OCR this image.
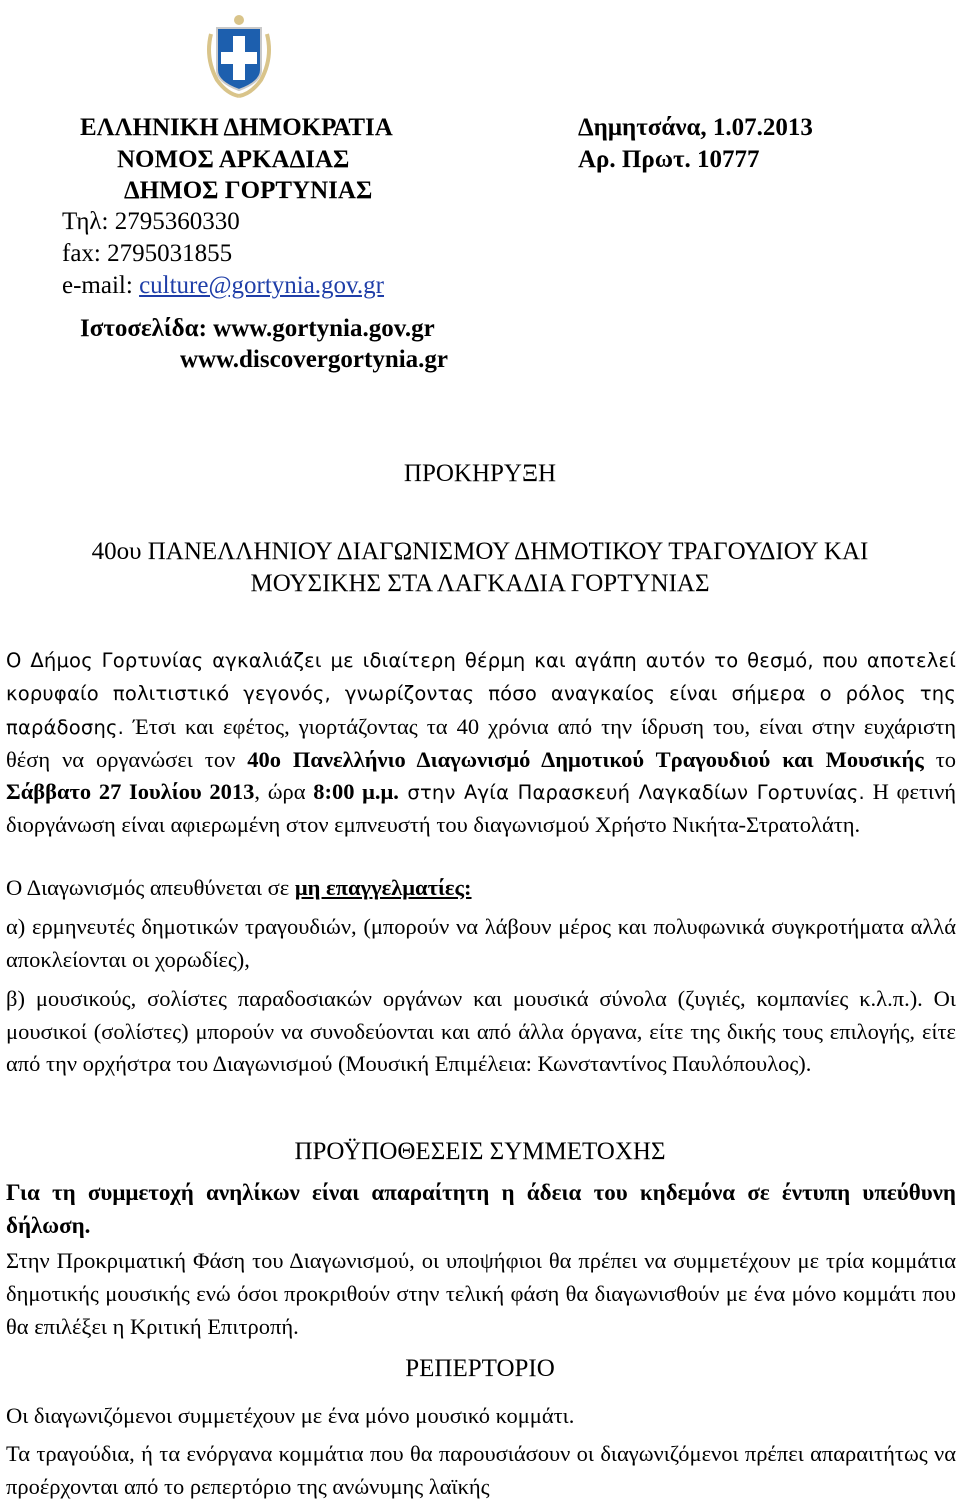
ΕΛΛΗΝΙΚΗ ΔΗΜΟΚΡΑΤΙΑ
ΝΟΜΟΣ ΑΡΚΑΔΙΑΣ
ΔΗΜΟΣ ΓΟΡΤΥΝΙΑΣ
Τηλ: 2795360330
fax: 2795031855
e-mail: culture@gortynia.gov.gr
Ιστοσελίδα: www.gortynia.gov.gr
www.discovergortynia.gr
Δημητσάνα, 1.07.2013
Αρ. Πρωτ. 10777
ΠΡΟΚΗΡΥΞΗ
40ου ΠΑΝΕΛΛΗΝΙΟΥ ΔΙΑΓΩΝΙΣΜΟΥ ΔΗΜΟΤΙΚΟΥ ΤΡΑΓΟΥΔΙΟΥ ΚΑΙ
ΜΟΥΣΙΚΗΣ ΣΤΑ ΛΑΓΚΑΔΙΑ ΓΟΡΤΥΝΙΑΣ
Ο Δήμος Γορτυνίας αγκαλιάζει με ιδιαίτερη θέρμη και αγάπη αυτόν το θεσμό, που αποτελεί κορυφαίο πολιτιστικό γεγονός, γνωρίζοντας πόσο αναγκαίος είναι σήμερα ο ρόλος της παράδοσης. Έτσι και εφέτος, γιορτάζοντας τα 40 χρόνια από την ίδρυση του, είναι στην ευχάριστη θέση να οργανώσει τον 40ο Πανελλήνιο Διαγωνισμό Δημοτικού Τραγουδιού και Μουσικής το Σάββατο 27 Ιουλίου 2013, ώρα 8:00 μ.μ. στην Αγία Παρασκευή Λαγκαδίων Γορτυνίας. Η φετινή διοργάνωση είναι αφιερωμένη στον εμπνευστή του διαγωνισμού Χρήστο Νικήτα-Στρατολάτη.
Ο Διαγωνισμός απευθύνεται σε μη επαγγελματίες:
α) ερμηνευτές δημοτικών τραγουδιών, (μπορούν να λάβουν μέρος και πολυφωνικά συγκροτήματα αλλά αποκλείονται οι χορωδίες),
β) μουσικούς, σολίστες παραδοσιακών οργάνων και μουσικά σύνολα (ζυγιές, κομπανίες κ.λ.π.). Οι μουσικοί (σολίστες) μπορούν να συνοδεύονται και από άλλα όργανα, είτε της δικής τους επιλογής, είτε από την ορχήστρα του Διαγωνισμού (Μουσική Επιμέλεια: Κωνσταντίνος Παυλόπουλος).
ΠΡΟΫΠΟΘΕΣΕΙΣ ΣΥΜΜΕΤΟΧΗΣ
Για τη συμμετοχή ανηλίκων είναι απαραίτητη η άδεια του κηδεμόνα σε έντυπη υπεύθυνη δήλωση.
Στην Προκριματική Φάση του Διαγωνισμού, οι υποψήφιοι θα πρέπει να συμμετέχουν με τρία κομμάτια δημοτικής μουσικής ενώ όσοι προκριθούν στην τελική φάση θα διαγωνισθούν με ένα μόνο κομμάτι που θα επιλέξει η Κριτική Επιτροπή.
ΡΕΠΕΡΤΟΡΙΟ
Οι διαγωνιζόμενοι συμμετέχουν με ένα μόνο μουσικό κομμάτι.
Τα τραγούδια, ή τα ενόργανα κομμάτια που θα παρουσιάσουν οι διαγωνιζόμενοι πρέπει απαραιτήτως να προέρχονται από το ρεπερτόριο της ανώνυμης λαϊκής
